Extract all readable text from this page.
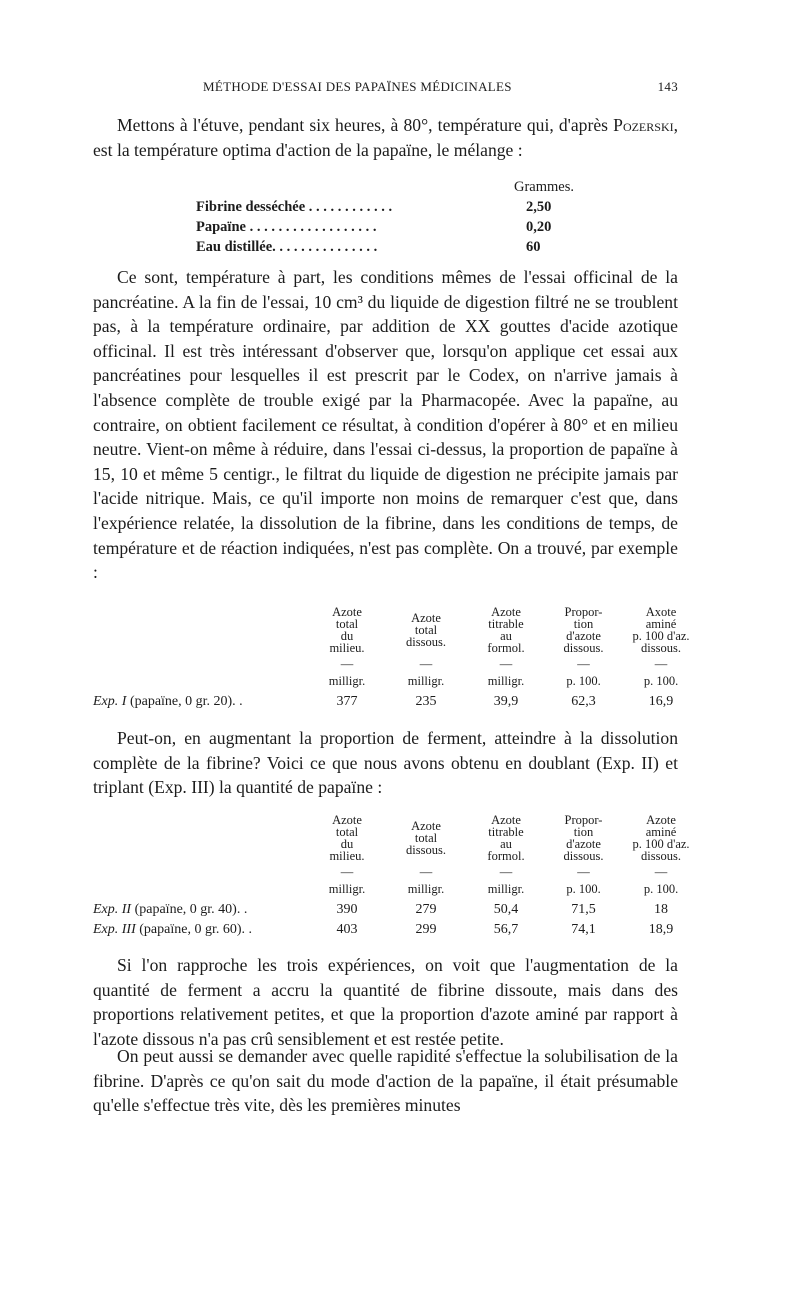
MÉTHODE D'ESSAI DES PAPAÏNES MÉDICINALES	143
Mettons à l'étuve, pendant six heures, à 80°, température qui, d'après Pozerski, est la température optima d'action de la papaïne, le mélange :
Grammes.
Fibrine desséchée . . . . . . . . . . . .	2,50
Papaïne . . . . . . . . . . . . . . . . . .	0,20
Eau distillée. . . . . . . . . . . . . . .	60
Ce sont, température à part, les conditions mêmes de l'essai officinal de la pancréatine. A la fin de l'essai, 10 cm³ du liquide de digestion filtré ne se troublent pas, à la température ordinaire, par addition de XX gouttes d'acide azotique officinal. Il est très intéressant d'observer que, lorsqu'on applique cet essai aux pancréatines pour lesquelles il est prescrit par le Codex, on n'arrive jamais à l'absence complète de trouble exigé par la Pharmacopée. Avec la papaïne, au contraire, on obtient facilement ce résultat, à condition d'opérer à 80° et en milieu neutre. Vient-on même à réduire, dans l'essai ci-dessus, la proportion de papaïne à 15, 10 et même 5 centigr., le filtrat du liquide de digestion ne précipite jamais par l'acide nitrique. Mais, ce qu'il importe non moins de remarquer c'est que, dans l'expérience relatée, la dissolution de la fibrine, dans les conditions de temps, de température et de réaction indiquées, n'est pas complète. On a trouvé, par exemple :
	Azote
total
du
milieu.	Azote
total
dissous.	Azote
titrable
au
formol.	Propor-
tion
d'azote
dissous.	Axote
aminé
p. 100 d'az.
dissous.
	—	—	—	—	—
	milligr.	milligr.	milligr.	p. 100.	p. 100.
Exp. I (papaïne, 0 gr. 20). .	377	235	39,9	62,3	16,9
Peut-on, en augmentant la proportion de ferment, atteindre à la dissolution complète de la fibrine? Voici ce que nous avons obtenu en doublant (Exp. II) et triplant (Exp. III) la quantité de papaïne :
	Azote
total
du
milieu.	Azote
total
dissous.	Azote
titrable
au
formol.	Propor-
tion
d'azote
dissous.	Azote
aminé
p. 100 d'az.
dissous.
	—	—	—	—	—
	milligr.	milligr.	milligr.	p. 100.	p. 100.
Exp. II (papaïne, 0 gr. 40). .	390	279	50,4	71,5	18
Exp. III (papaïne, 0 gr. 60). .	403	299	56,7	74,1	18,9
Si l'on rapproche les trois expériences, on voit que l'augmentation de la quantité de ferment a accru la quantité de fibrine dissoute, mais dans des proportions relativement petites, et que la proportion d'azote aminé par rapport à l'azote dissous n'a pas crû sensiblement et est restée petite.
On peut aussi se demander avec quelle rapidité s'effectue la solubilisation de la fibrine. D'après ce qu'on sait du mode d'action de la papaïne, il était présumable qu'elle s'effectue très vite, dès les premières minutes
